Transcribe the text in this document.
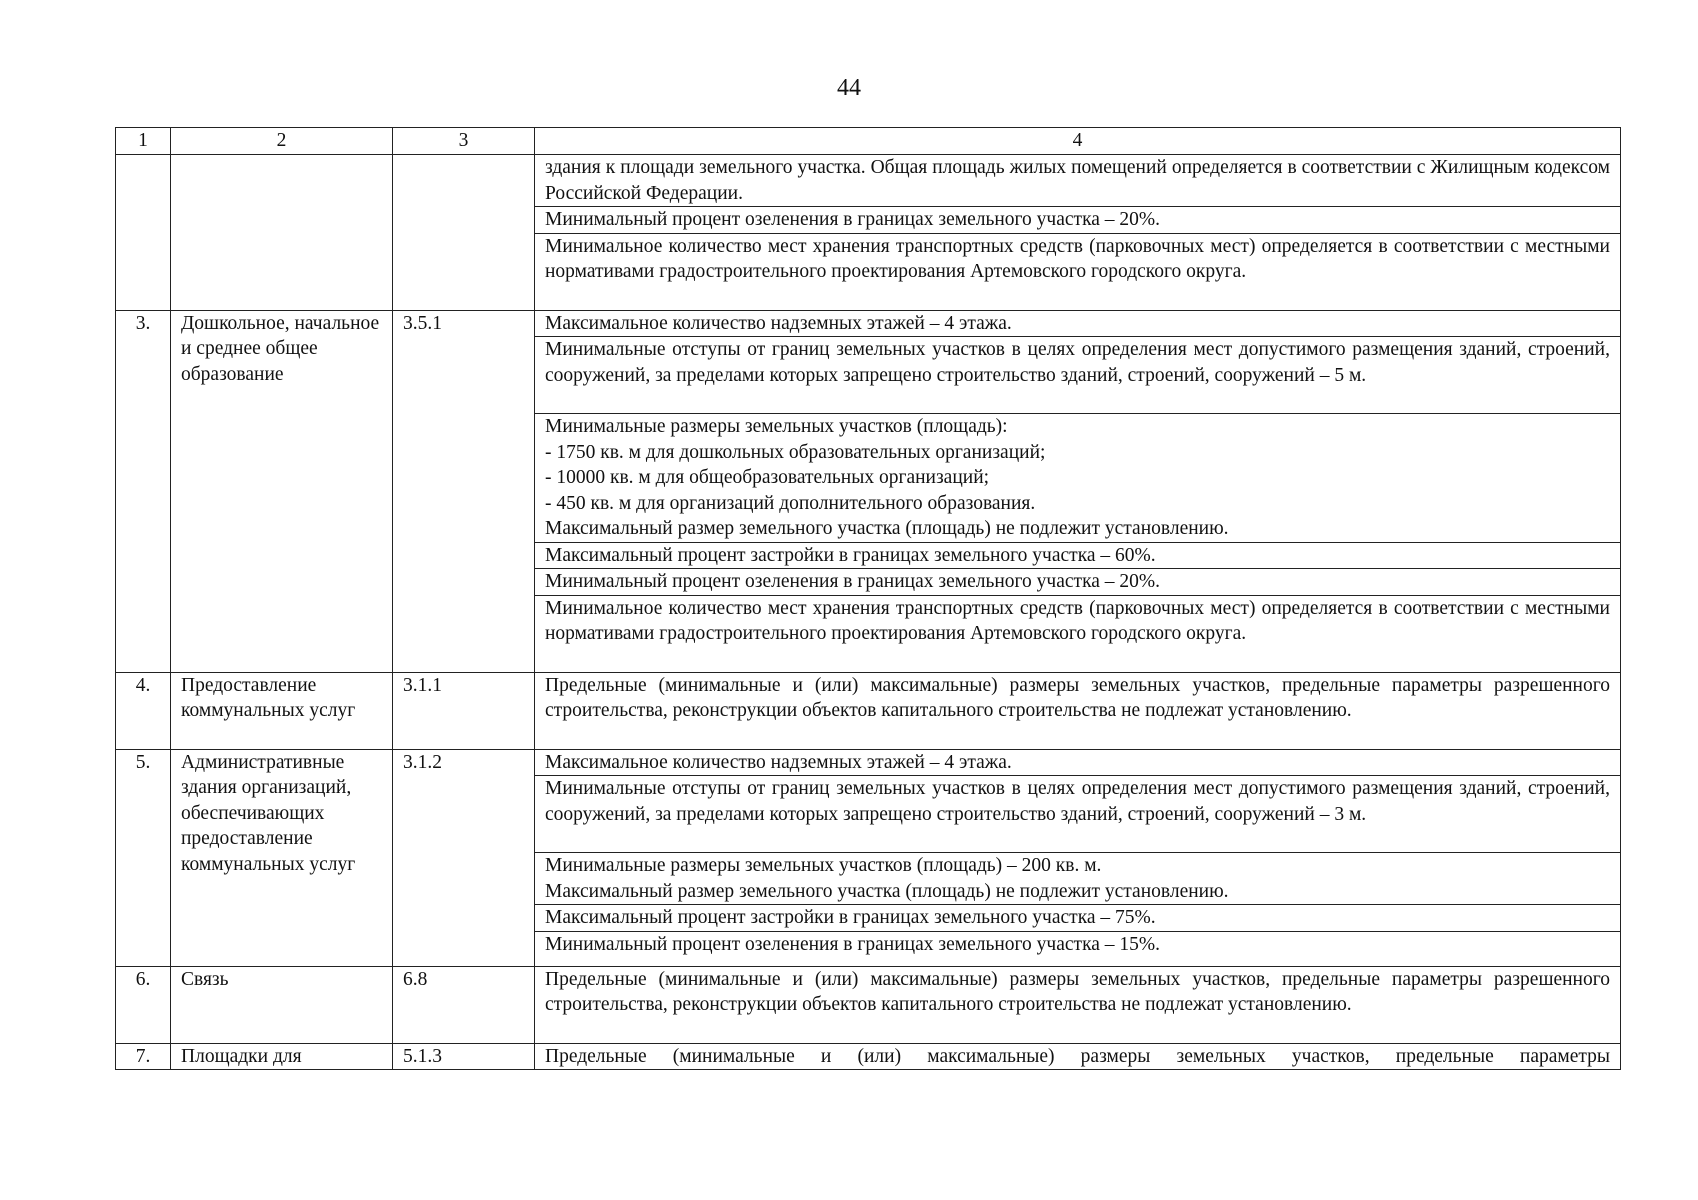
44
1	2	3	4
			здания к площади земельного участка. Общая площадь жилых помещений определяется в соответствии с Жилищным кодексом Российской Федерации.
			Минимальный процент озеленения в границах земельного участка – 20%.
			Минимальное количество мест хранения транспортных средств (парковочных мест) определяется в соответствии с местными нормативами градостроительного проектирования Артемовского городского округа.
3.	Дошкольное, начальное и среднее общее образование	3.5.1	Максимальное количество надземных этажей – 4 этажа.
			Минимальные отступы от границ земельных участков в целях определения мест допустимого размещения зданий, строений, сооружений, за пределами которых запрещено строительство зданий, строений, сооружений – 5 м.

			Минимальные размеры земельных участков (площадь):
- 1750 кв. м для дошкольных образовательных организаций;
- 10000 кв. м для общеобразовательных организаций;
- 450 кв. м для организаций дополнительного образования.
Максимальный размер земельного участка (площадь) не подлежит установлению.

			Максимальный процент застройки в границах земельного участка – 60%.
			Минимальный процент озеленения в границах земельного участка – 20%.
			Минимальное количество мест хранения транспортных средств (парковочных мест) определяется в соответствии с местными нормативами градостроительного проектирования Артемовского городского округа.
4.	Предоставление коммунальных услуг	3.1.1	Предельные (минимальные и (или) максимальные) размеры земельных участков, предельные параметры разрешенного строительства, реконструкции объектов капитального строительства не подлежат установлению.
5.	Административные здания организаций, обеспечивающих предоставление коммунальных услуг	3.1.2	Максимальное количество надземных этажей – 4 этажа.
			Минимальные отступы от границ земельных участков в целях определения мест допустимого размещения зданий, строений, сооружений, за пределами которых запрещено строительство зданий, строений, сооружений – 3 м.

			Минимальные размеры земельных участков (площадь) – 200 кв. м.
Максимальный размер земельного участка (площадь) не подлежит установлению.

			Максимальный процент застройки в границах земельного участка – 75%.
			Минимальный процент озеленения в границах земельного участка – 15%.
6.	Связь	6.8	Предельные (минимальные и (или) максимальные) размеры земельных участков, предельные параметры разрешенного строительства, реконструкции объектов капитального строительства не подлежат установлению.
7.	Площадки для	5.1.3	Предельные (минимальные и (или) максимальные) размеры земельных участков, предельные параметры
